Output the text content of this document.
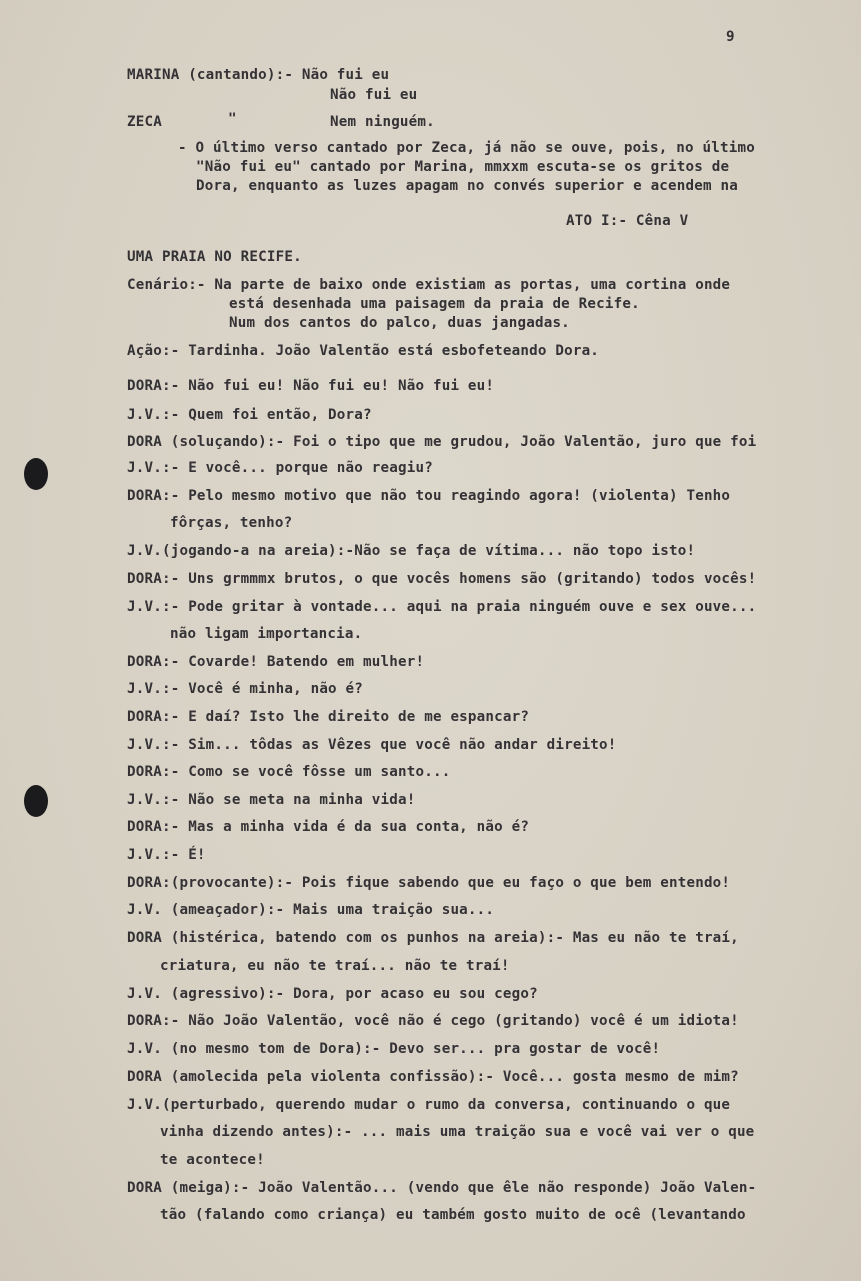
9
MARINA (cantando):- Não fui eu
Não fui eu
ZECA	"	Nem ninguém.
- O último verso cantado por Zeca, já não se ouve, pois, no último
"Não fui eu" cantado por Marina, mmxxm escuta-se os gritos de
Dora, enquanto as luzes apagam no convés superior e acendem na
ATO I:- Cêna V
UMA PRAIA NO RECIFE.
Cenário:- Na parte de baixo onde existiam as portas, uma cortina onde
está desenhada uma paisagem da praia de Recife.
Num dos cantos do palco, duas jangadas.
Ação:- Tardinha. João Valentão está esbofeteando Dora.
DORA:- Não fui eu! Não fui eu! Não fui eu!
J.V.:- Quem foi então, Dora?
DORA (soluçando):- Foi o tipo que me grudou, João Valentão, juro que foi
J.V.:- E você... porque não reagiu?
DORA:- Pelo mesmo motivo que não tou reagindo agora! (violenta) Tenho
fôrças, tenho?
J.V.(jogando-a na areia):-Não se faça de vítima... não topo isto!
DORA:- Uns grmmmx brutos, o que vocês homens são (gritando) todos vocês!
J.V.:- Pode gritar à vontade... aqui na praia ninguém ouve e sex ouve...
não ligam importancia.
DORA:- Covarde! Batendo em mulher!
J.V.:- Você é minha, não é?
DORA:- E daí? Isto lhe direito de me espancar?
J.V.:- Sim... tôdas as Vêzes que você não andar direito!
DORA:- Como se você fôsse um santo...
J.V.:- Não se meta na minha vida!
DORA:- Mas a minha vida é da sua conta, não é?
J.V.:- É!
DORA:(provocante):- Pois fique sabendo que eu faço o que bem entendo!
J.V. (ameaçador):- Mais uma traição sua...
DORA (histérica, batendo com os punhos na areia):- Mas eu não te traí,
criatura, eu não te traí... não te traí!
J.V. (agressivo):- Dora, por acaso eu sou cego?
DORA:- Não João Valentão, você não é cego (gritando) você é um idiota!
J.V. (no mesmo tom de Dora):- Devo ser... pra gostar de você!
DORA (amolecida pela violenta confissão):- Você... gosta mesmo de mim?
J.V.(perturbado, querendo mudar o rumo da conversa, continuando o que
vinha dizendo antes):- ... mais uma traição sua e você vai ver o que
te acontece!
DORA (meiga):- João Valentão... (vendo que êle não responde) João Valen-
tão (falando como criança) eu também gosto muito de ocê (levantando
